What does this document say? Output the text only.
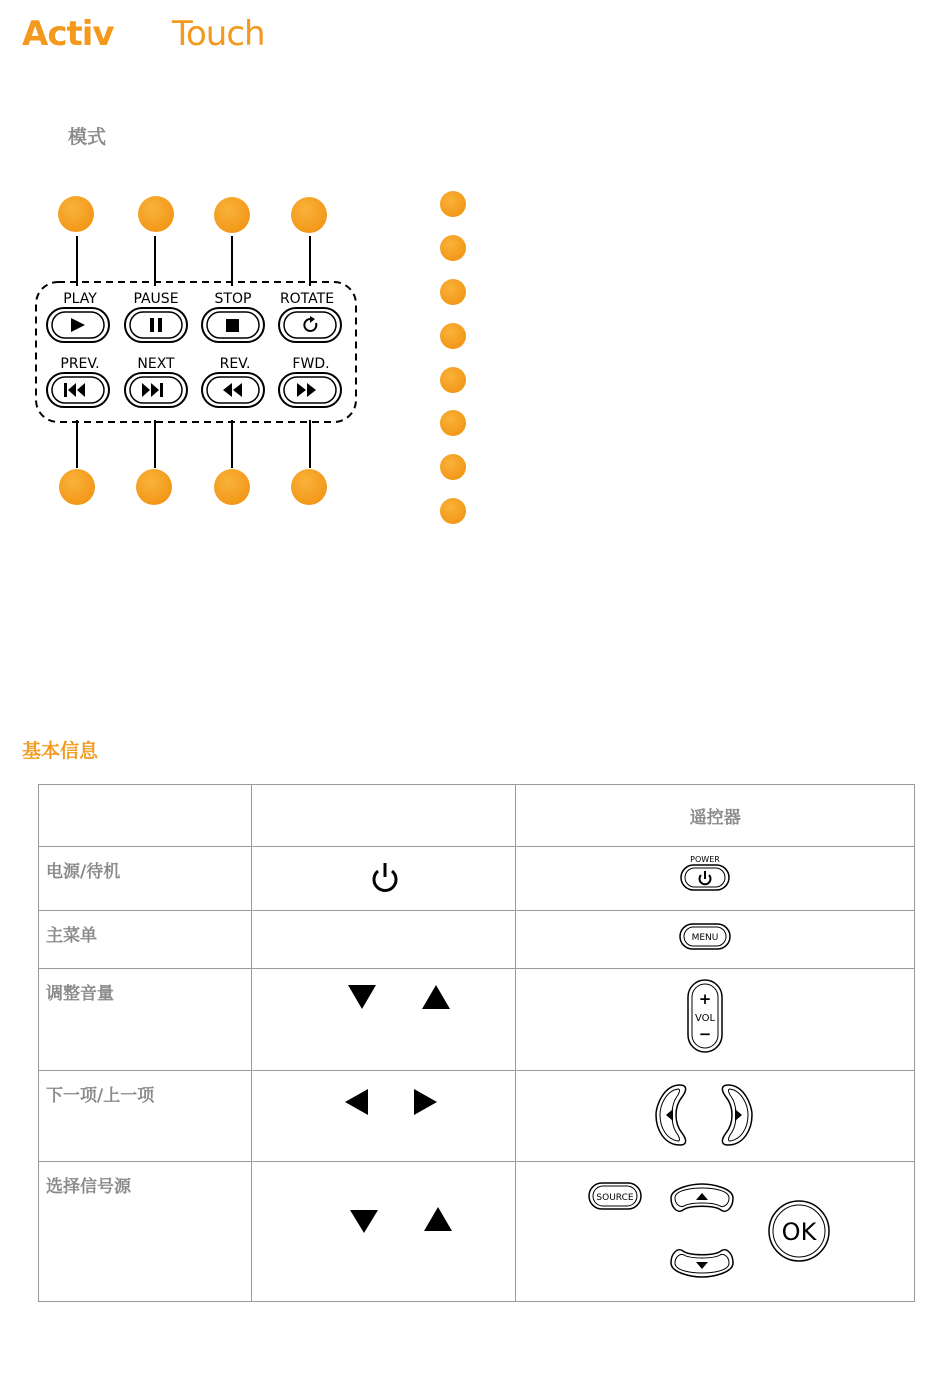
Activ Touch
模式
PLAY	PAUSE	STOP ROTATE
PREV.	NEXT	REV.	FWD.
基本信息
		遥控器
电源/待机		POWER

主菜单		MENU

调整音量		+
VOL
−

下一项/上一项	

选择信号源		SOURCE
OK
